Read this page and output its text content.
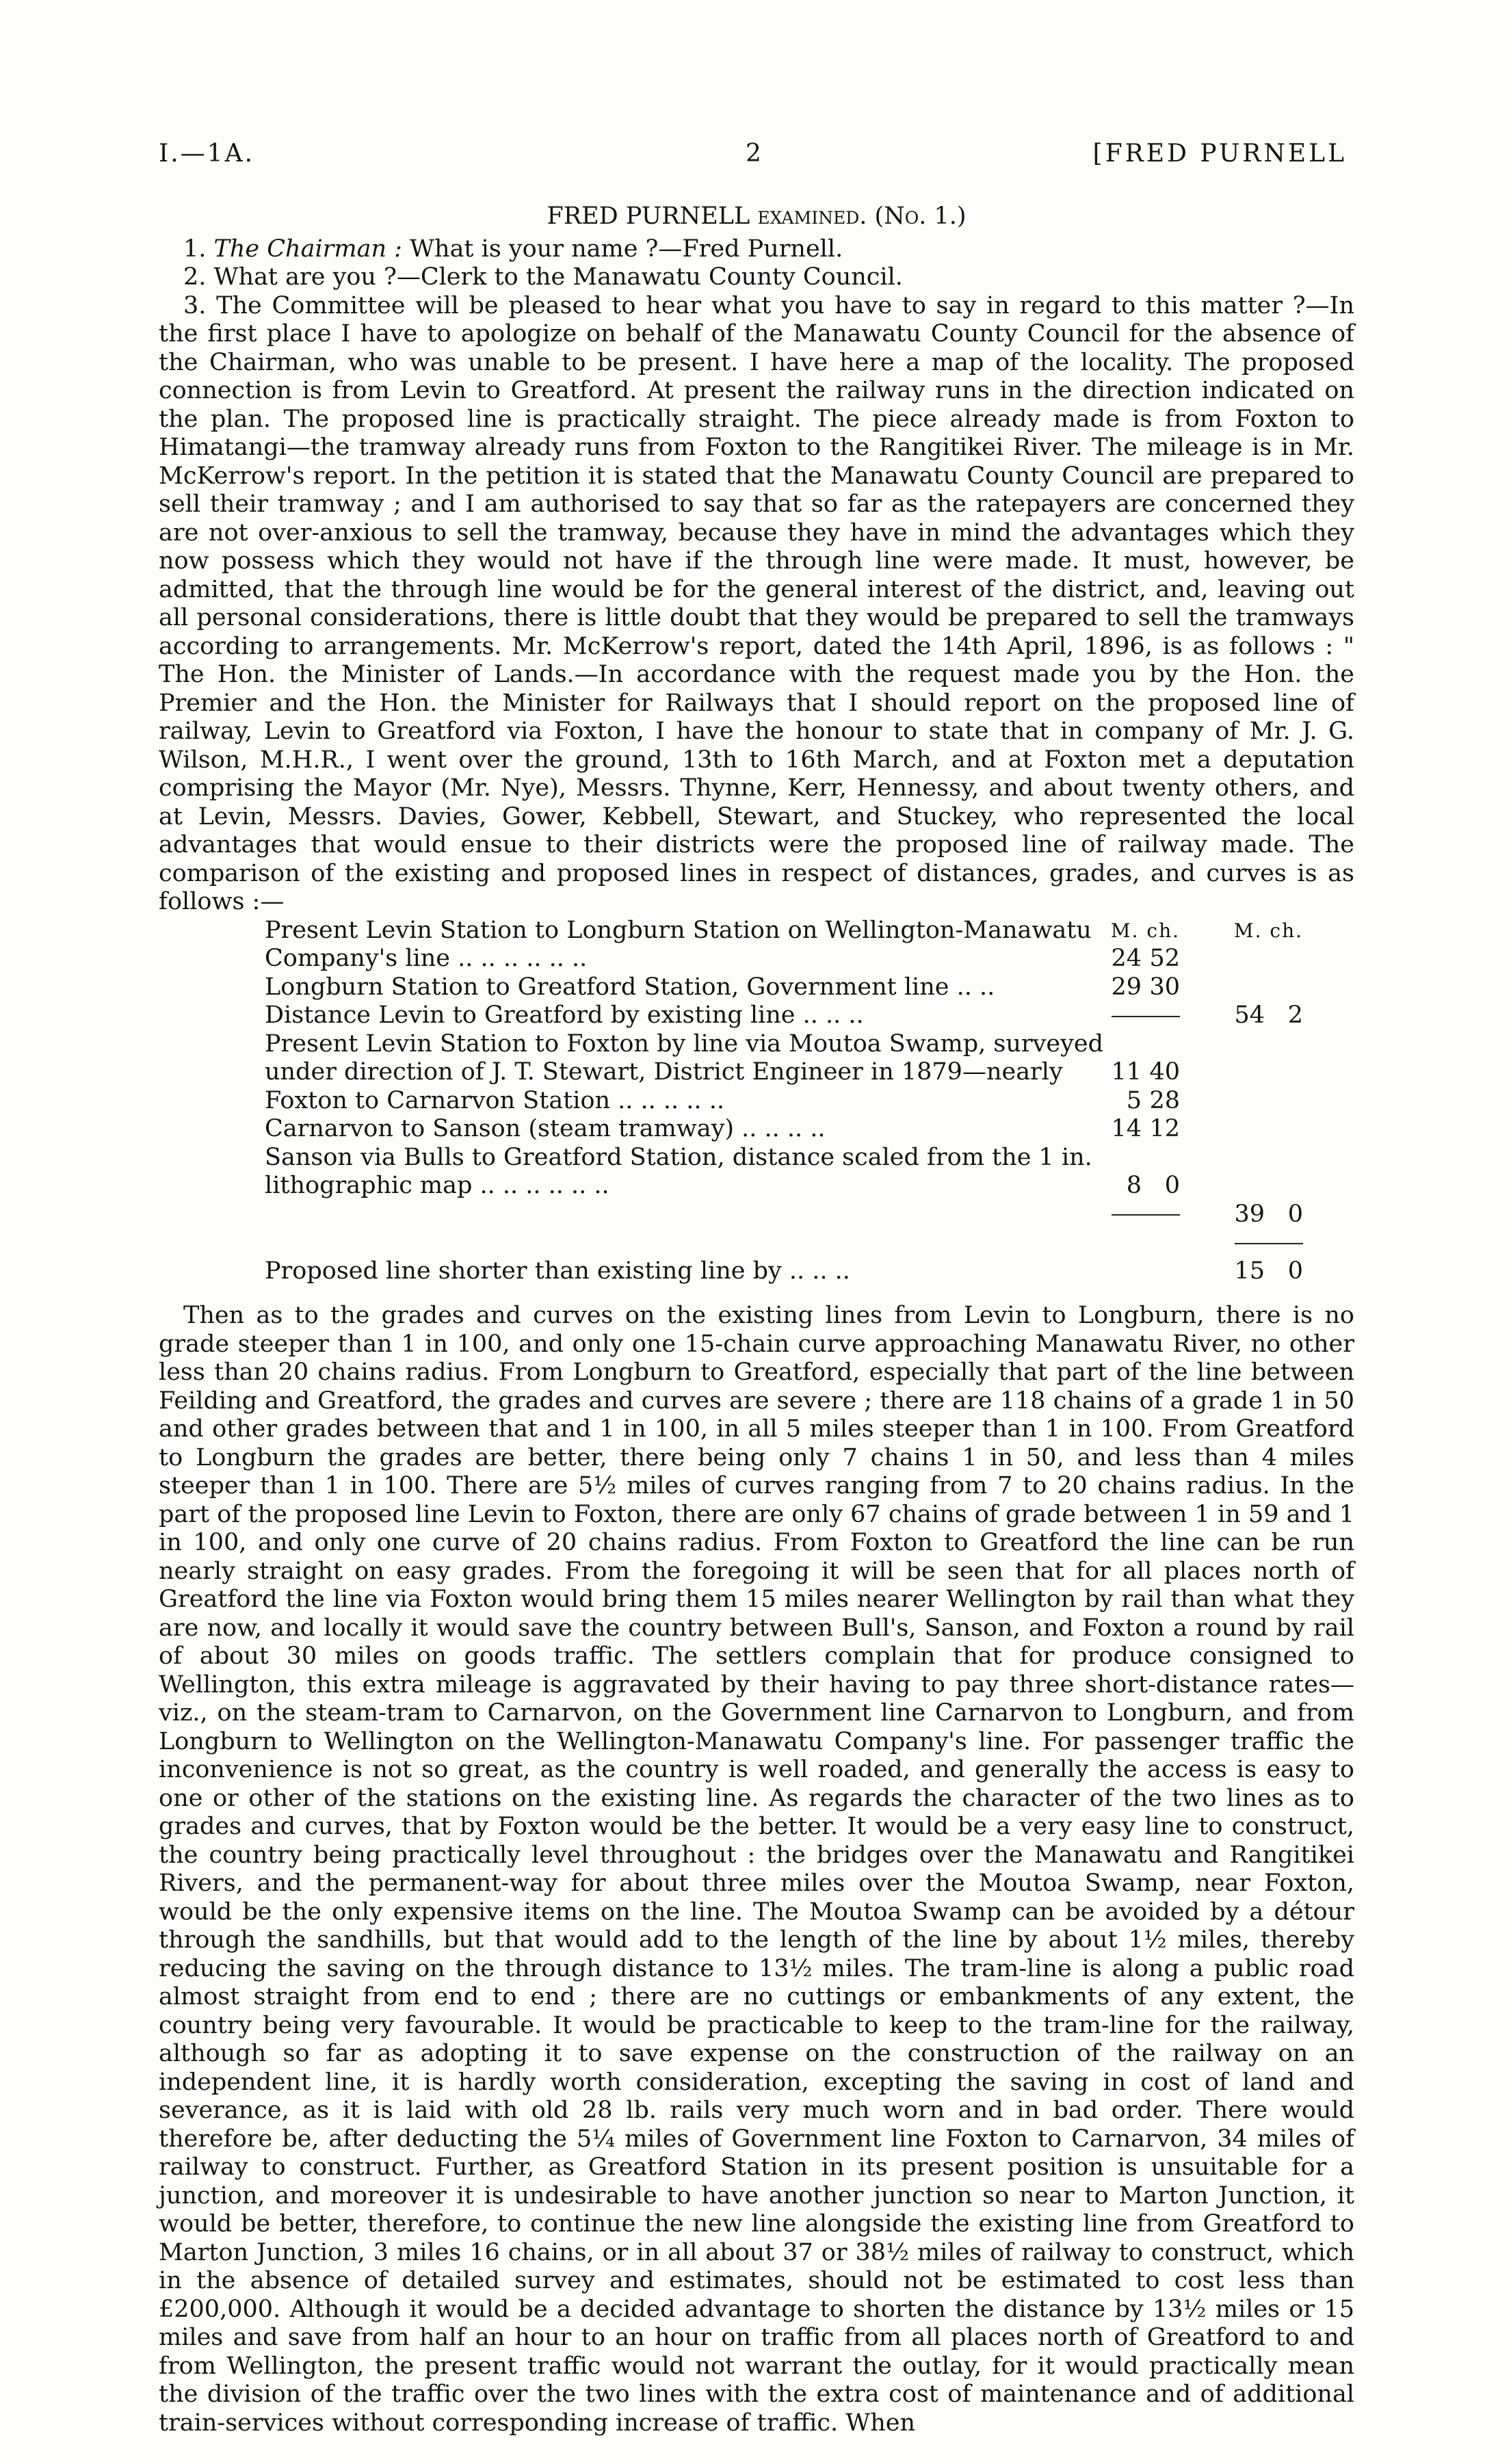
I.—1A.	2	[FRED PURNELL
FRED PURNELL examined. (No. 1.)

1. The Chairman : What is your name ?—Fred Purnell.

2. What are you ?—Clerk to the Manawatu County Council.

3. The Committee will be pleased to hear what you have to say in regard to this matter ?—In the first place I have to apologize on behalf of the Manawatu County Council for the absence of the Chairman, who was unable to be present. I have here a map of the locality. The proposed connection is from Levin to Greatford. At present the railway runs in the direction indicated on the plan. The proposed line is practically straight. The piece already made is from Foxton to Himatangi—the tramway already runs from Foxton to the Rangitikei River. The mileage is in Mr. McKerrow's report. In the petition it is stated that the Manawatu County Council are prepared to sell their tramway ; and I am authorised to say that so far as the ratepayers are concerned they are not over-anxious to sell the tramway, because they have in mind the advantages which they now possess which they would not have if the through line were made. It must, however, be admitted, that the through line would be for the general interest of the district, and, leaving out all personal considerations, there is little doubt that they would be prepared to sell the tramways according to arrangements. Mr. McKerrow's report, dated the 14th April, 1896, is as follows : " The Hon. the Minister of Lands.—In accordance with the request made you by the Hon. the Premier and the Hon. the Minister for Railways that I should report on the proposed line of railway, Levin to Greatford via Foxton, I have the honour to state that in company of Mr. J. G. Wilson, M.H.R., I went over the ground, 13th to 16th March, and at Foxton met a deputation comprising the Mayor (Mr. Nye), Messrs. Thynne, Kerr, Hennessy, and about twenty others, and at Levin, Messrs. Davies, Gower, Kebbell, Stewart, and Stuckey, who represented the local advantages that would ensue to their districts were the proposed line of railway made. The comparison of the existing and proposed lines in respect of distances, grades, and curves is as follows :—

Present Levin Station to Longburn Station on Wellington-Manawatu	M. ch.			M. ch.	
Company's line .. .. .. .. .. ..	24	52			
Longburn Station to Greatford Station, Government line .. ..	29	30			
Distance Levin to Greatford by existing line .. .. ..				54	2
Present Levin Station to Foxton by line via Moutoa Swamp, surveyed					
under direction of J. T. Stewart, District Engineer in 1879—nearly	11	40			
Foxton to Carnarvon Station .. .. .. .. ..	5	28			
Carnarvon to Sanson (steam tramway) .. .. .. ..	14	12			
Sanson via Bulls to Greatford Station, distance scaled from the 1 in.					
lithographic map .. .. .. .. .. ..	8	0			
				39	0

Proposed line shorter than existing line by .. .. ..				15	0

Then as to the grades and curves on the existing lines from Levin to Longburn, there is no grade steeper than 1 in 100, and only one 15-chain curve approaching Manawatu River, no other less than 20 chains radius. From Longburn to Greatford, especially that part of the line between Feilding and Greatford, the grades and curves are severe ; there are 118 chains of a grade 1 in 50 and other grades between that and 1 in 100, in all 5 miles steeper than 1 in 100. From Greatford to Longburn the grades are better, there being only 7 chains 1 in 50, and less than 4 miles steeper than 1 in 100. There are 5½ miles of curves ranging from 7 to 20 chains radius. In the part of the proposed line Levin to Foxton, there are only 67 chains of grade between 1 in 59 and 1 in 100, and only one curve of 20 chains radius. From Foxton to Greatford the line can be run nearly straight on easy grades. From the foregoing it will be seen that for all places north of Greatford the line via Foxton would bring them 15 miles nearer Wellington by rail than what they are now, and locally it would save the country between Bull's, Sanson, and Foxton a round by rail of about 30 miles on goods traffic. The settlers complain that for produce consigned to Wellington, this extra mileage is aggravated by their having to pay three short-distance rates—viz., on the steam-tram to Carnarvon, on the Government line Carnarvon to Longburn, and from Longburn to Wellington on the Wellington-Manawatu Company's line. For passenger traffic the inconvenience is not so great, as the country is well roaded, and generally the access is easy to one or other of the stations on the existing line. As regards the character of the two lines as to grades and curves, that by Foxton would be the better. It would be a very easy line to construct, the country being practically level throughout : the bridges over the Manawatu and Rangitikei Rivers, and the permanent-way for about three miles over the Moutoa Swamp, near Foxton, would be the only expensive items on the line. The Moutoa Swamp can be avoided by a détour through the sandhills, but that would add to the length of the line by about 1½ miles, thereby reducing the saving on the through distance to 13½ miles. The tram-line is along a public road almost straight from end to end ; there are no cuttings or embankments of any extent, the country being very favourable. It would be practicable to keep to the tram-line for the railway, although so far as adopting it to save expense on the construction of the railway on an independent line, it is hardly worth consideration, excepting the saving in cost of land and severance, as it is laid with old 28 lb. rails very much worn and in bad order. There would therefore be, after deducting the 5¼ miles of Government line Foxton to Carnarvon, 34 miles of railway to construct. Further, as Greatford Station in its present position is unsuitable for a junction, and moreover it is undesirable to have another junction so near to Marton Junction, it would be better, therefore, to continue the new line alongside the existing line from Greatford to Marton Junction, 3 miles 16 chains, or in all about 37 or 38½ miles of railway to construct, which in the absence of detailed survey and estimates, should not be estimated to cost less than £200,000. Although it would be a decided advantage to shorten the distance by 13½ miles or 15 miles and save from half an hour to an hour on traffic from all places north of Greatford to and from Wellington, the present traffic would not warrant the outlay, for it would practically mean the division of the traffic over the two lines with the extra cost of maintenance and of additional train-services without corresponding increase of traffic. When
